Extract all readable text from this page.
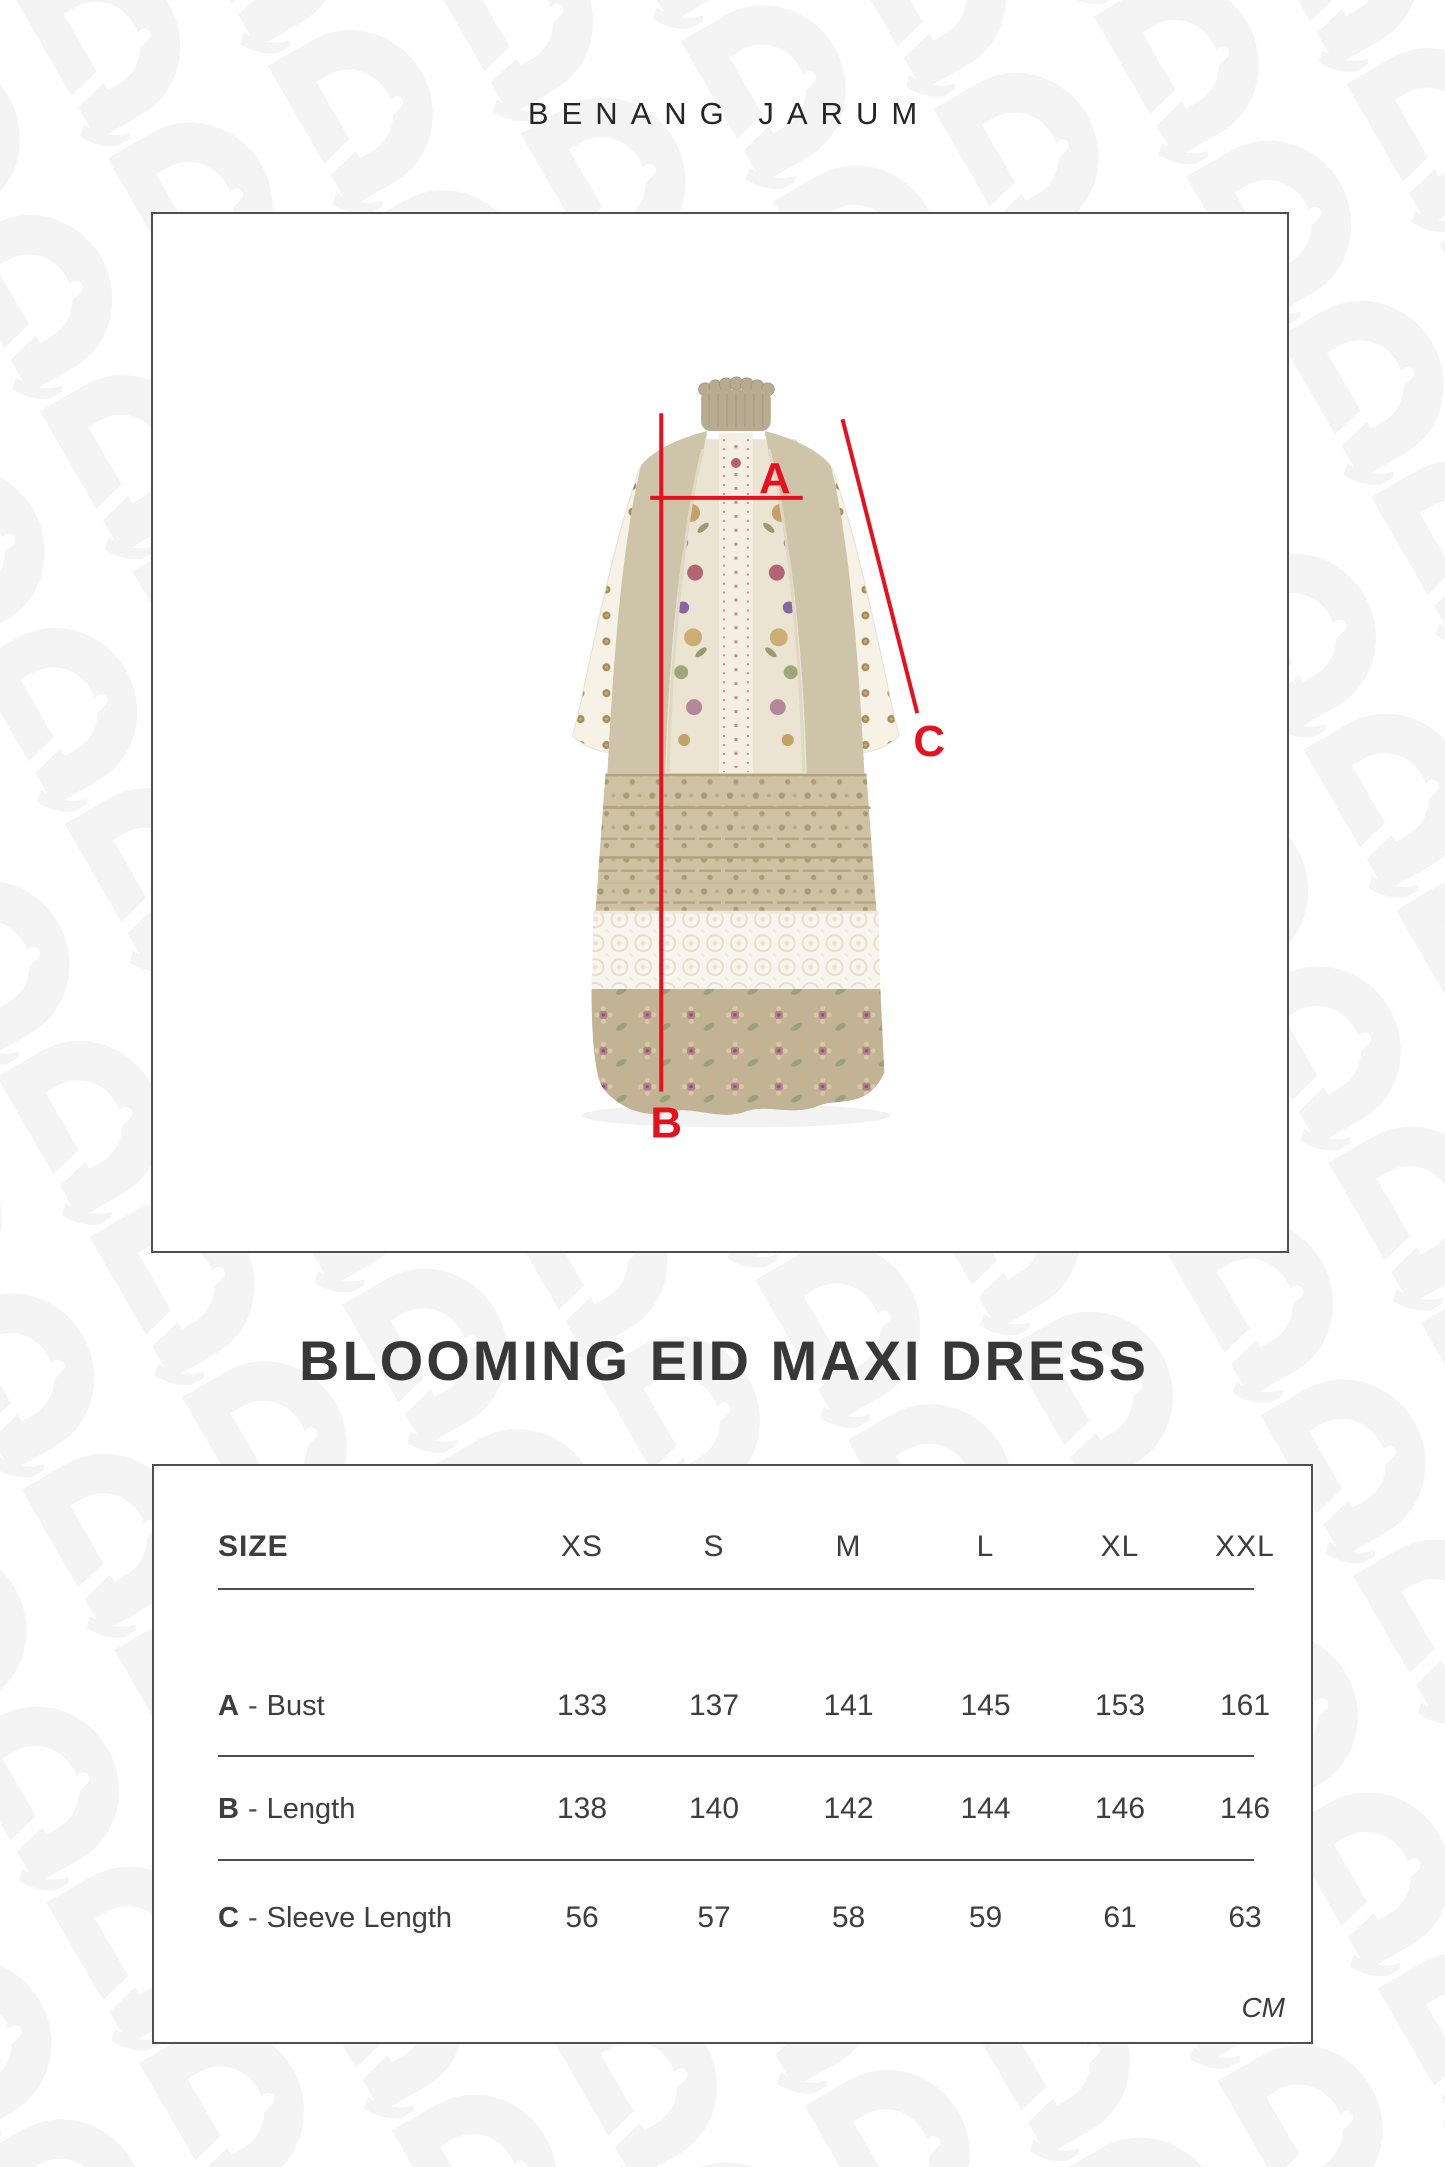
BENANG JARUM
A
B
C
BLOOMING EID MAXI DRESS
SIZE	XS	S	M	L	XL	XXL
A - Bust	133	137	141	145	153	161
B - Length	138	140	142	144	146	146
C - Sleeve Length	56	57	58	59	61	63
CM
